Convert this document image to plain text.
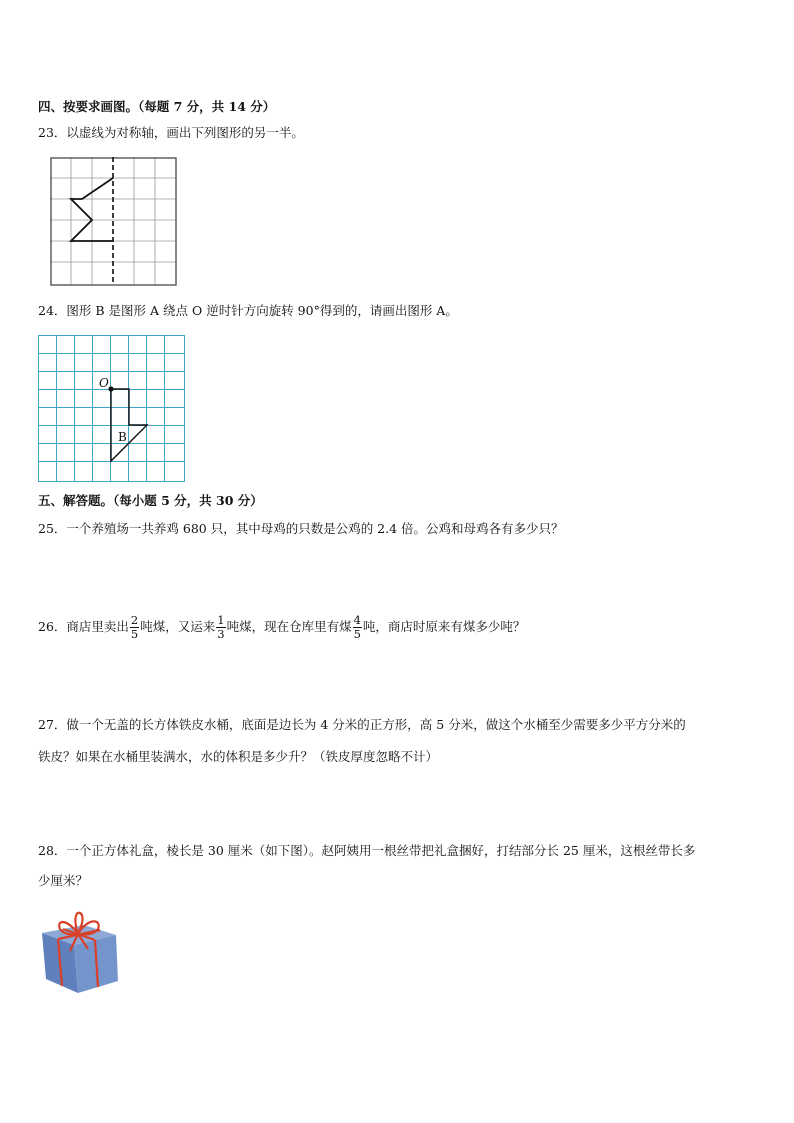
四、按要求画图。（每题 7 分，共 14 分）
23．以虚线为对称轴，画出下列图形的另一半。
24．图形 B 是图形 A 绕点 O 逆时针方向旋转 90°得到的，请画出图形 A。
O
B
五、解答题。（每小题 5 分，共 30 分）
25．一个养殖场一共养鸡 680 只，其中母鸡的只数是公鸡的 2.4 倍。公鸡和母鸡各有多少只？
26．商店里卖出 $\frac{2}{5}$ 吨煤，又运来 $\frac{1}{3}$ 吨煤，现在仓库里有煤 $\frac{4}{5}$ 吨，商店时原来有煤多少吨？
27．做一个无盖的长方体铁皮水桶，底面是边长为 4 分米的正方形，高 5 分米，做这个水桶至少需要多少平方分米的
铁皮？如果在水桶里装满水，水的体积是多少升？（铁皮厚度忽略不计）
28．一个正方体礼盒，棱长是 30 厘米（如下图）。赵阿姨用一根丝带把礼盒捆好，打结部分长 25 厘米，这根丝带长多
少厘米？
